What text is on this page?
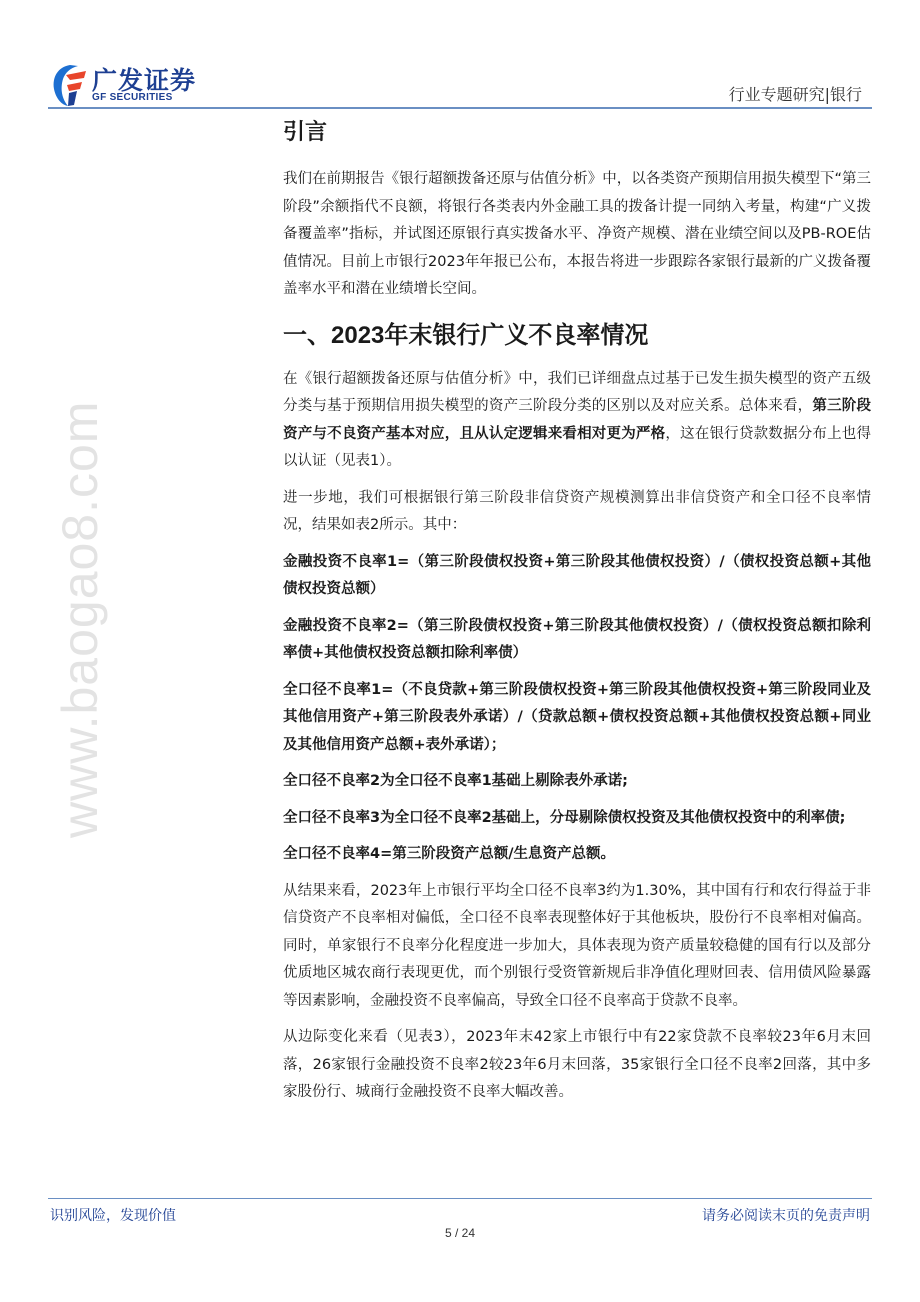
广发证券
GF SECURITIES	行业专题研究|银行
www.baogao8.com
引言
我们在前期报告《银行超额拨备还原与估值分析》中，以各类资产预期信用损失模型下“第三阶段”余额指代不良额，将银行各类表内外金融工具的拨备计提一同纳入考量，构建“广义拨备覆盖率”指标，并试图还原银行真实拨备水平、净资产规模、潜在业绩空间以及PB-ROE估值情况。目前上市银行2023年年报已公布，本报告将进一步跟踪各家银行最新的广义拨备覆盖率水平和潜在业绩增长空间。
一、2023年末银行广义不良率情况
在《银行超额拨备还原与估值分析》中，我们已详细盘点过基于已发生损失模型的资产五级分类与基于预期信用损失模型的资产三阶段分类的区别以及对应关系。总体来看，第三阶段资产与不良资产基本对应，且从认定逻辑来看相对更为严格，这在银行贷款数据分布上也得以认证（见表1）。
进一步地，我们可根据银行第三阶段非信贷资产规模测算出非信贷资产和全口径不良率情况，结果如表2所示。其中：
金融投资不良率1=（第三阶段债权投资+第三阶段其他债权投资）/（债权投资总额+其他债权投资总额）
金融投资不良率2=（第三阶段债权投资+第三阶段其他债权投资）/（债权投资总额扣除利率债+其他债权投资总额扣除利率债）
全口径不良率1=（不良贷款+第三阶段债权投资+第三阶段其他债权投资+第三阶段同业及其他信用资产+第三阶段表外承诺）/（贷款总额+债权投资总额+其他债权投资总额+同业及其他信用资产总额+表外承诺）；
全口径不良率2为全口径不良率1基础上剔除表外承诺;
全口径不良率3为全口径不良率2基础上，分母剔除债权投资及其他债权投资中的利率债;
全口径不良率4=第三阶段资产总额/生息资产总额。
从结果来看，2023年上市银行平均全口径不良率3约为1.30%，其中国有行和农行得益于非信贷资产不良率相对偏低，全口径不良率表现整体好于其他板块，股份行不良率相对偏高。同时，单家银行不良率分化程度进一步加大，具体表现为资产质量较稳健的国有行以及部分优质地区城农商行表现更优，而个别银行受资管新规后非净值化理财回表、信用债风险暴露等因素影响，金融投资不良率偏高，导致全口径不良率高于贷款不良率。
从边际变化来看（见表3），2023年末42家上市银行中有22家贷款不良率较23年6月末回落，26家银行金融投资不良率2较23年6月末回落，35家银行全口径不良率2回落，其中多家股份行、城商行金融投资不良率大幅改善。
识别风险，发现价值	请务必阅读末页的免责声明
5 / 24
